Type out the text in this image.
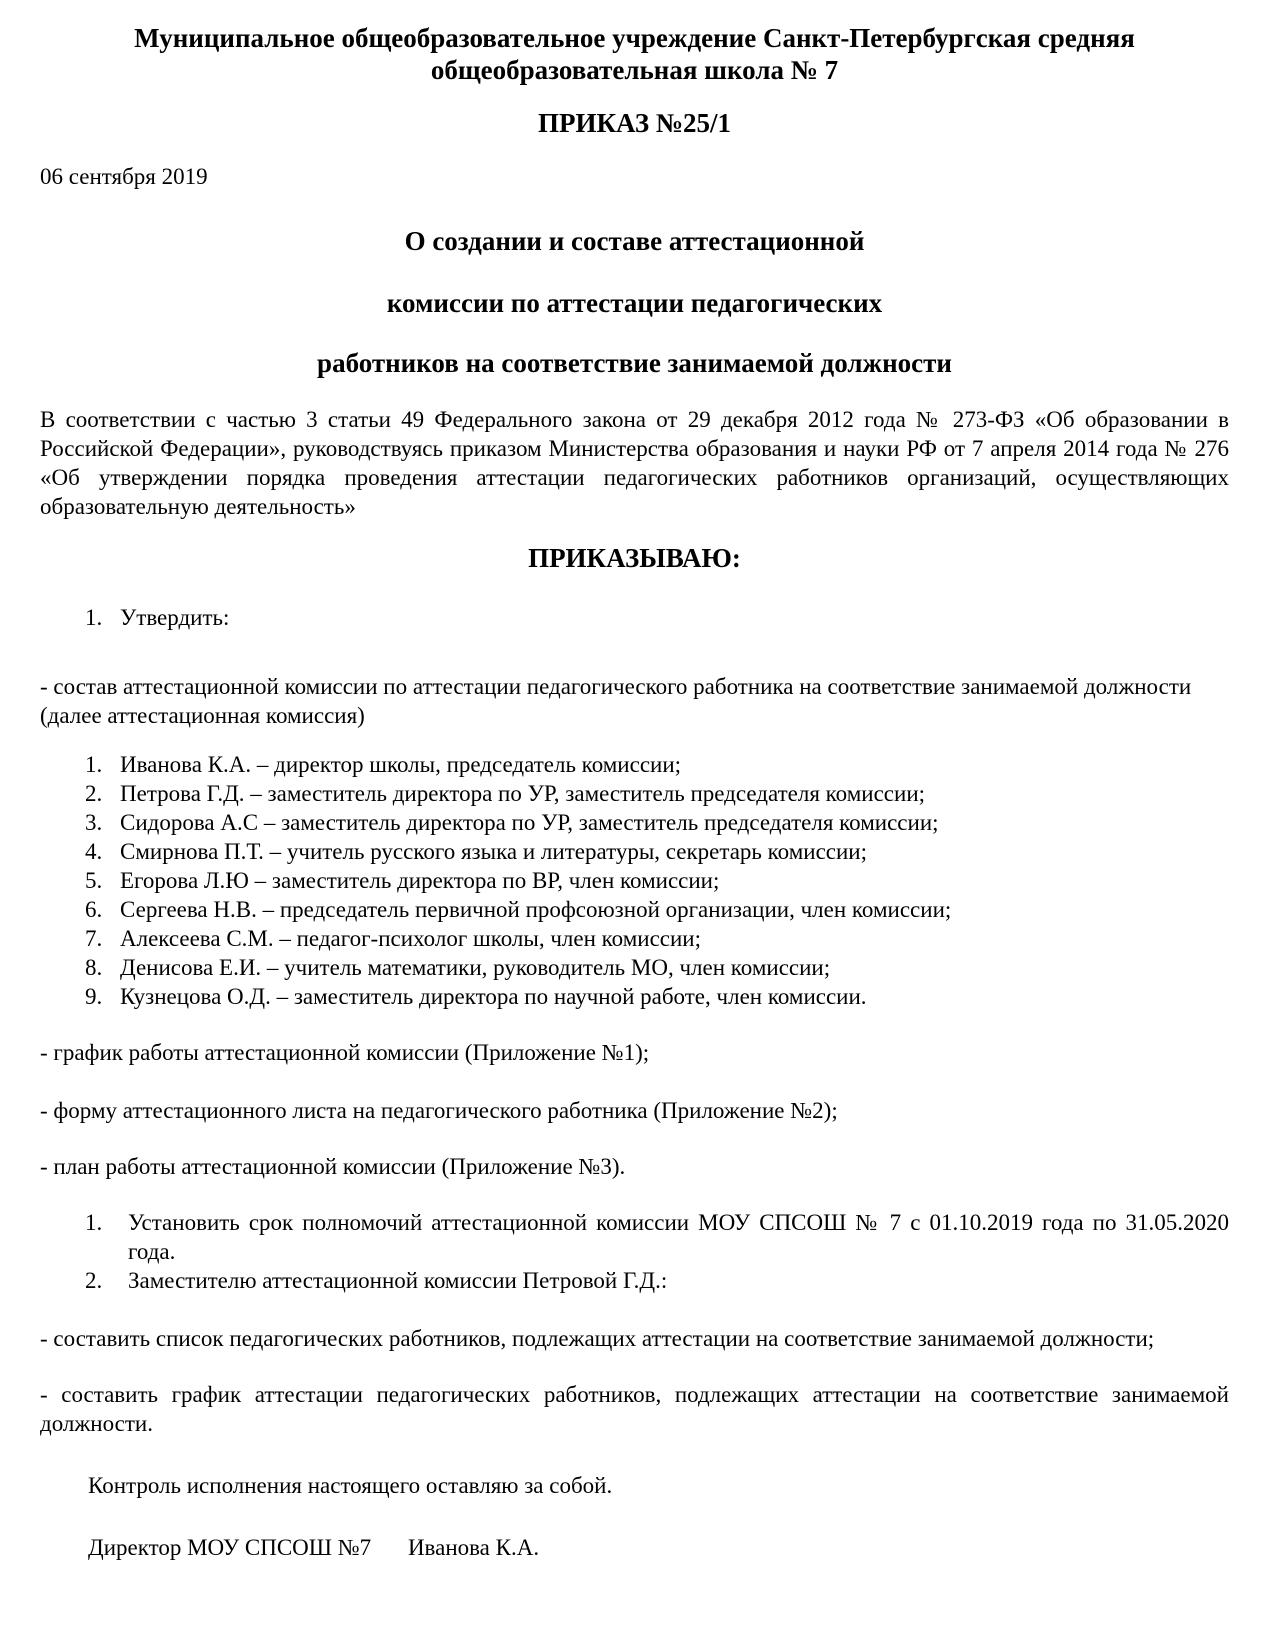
Муниципальное общеобразовательное учреждение Санкт-Петербургская средняя
общеобразовательная школа № 7
ПРИКАЗ №25/1
06 сентября 2019
О создании и составе аттестационной
комиссии по аттестации педагогических
работников на соответствие занимаемой должности

В соответствии с частью 3 статьи 49 Федерального закона от 29 декабря 2012 года № 273-ФЗ «Об образовании в Российской Федерации», руководствуясь приказом Министерства образования и науки РФ от 7 апреля 2014 года № 276 «Об утверждении порядка проведения аттестации педагогических работников организаций, осуществляющих образовательную деятельность»

ПРИКАЗЫВАЮ:
1. Утвердить:

- состав аттестационной комиссии по аттестации педагогического работника на соответствие занимаемой должности (далее аттестационная комиссия)

1. Иванова К.А. – директор школы, председатель комиссии;
2. Петрова Г.Д. – заместитель директора по УР, заместитель председателя комиссии;
3. Сидорова А.С – заместитель директора по УР, заместитель председателя комиссии;
4. Смирнова П.Т. – учитель русского языка и литературы, секретарь комиссии;
5. Егорова Л.Ю – заместитель директора по ВР, член комиссии;
6. Сергеева Н.В. – председатель первичной профсоюзной организации, член комиссии;
7. Алексеева С.М. – педагог-психолог школы, член комиссии;
8. Денисова Е.И. – учитель математики, руководитель МО, член комиссии;
9. Кузнецова О.Д. – заместитель директора по научной работе, член комиссии.

- график работы аттестационной комиссии (Приложение №1);

- форму аттестационного листа на педагогического работника (Приложение №2);

- план работы аттестационной комиссии (Приложение №3).

1.	Установить срок полномочий аттестационной комиссии МОУ СПСОШ № 7 с 01.10.2019 года по 31.05.2020 года.
2.	Заместителю аттестационной комиссии Петровой Г.Д.:

- составить список педагогических работников, подлежащих аттестации на соответствие занимаемой должности;

- составить график аттестации педагогических работников, подлежащих аттестации на соответствие занимаемой должности.

Контроль исполнения настоящего оставляю за собой.

Директор МОУ СПСОШ №7 Иванова К.А.
